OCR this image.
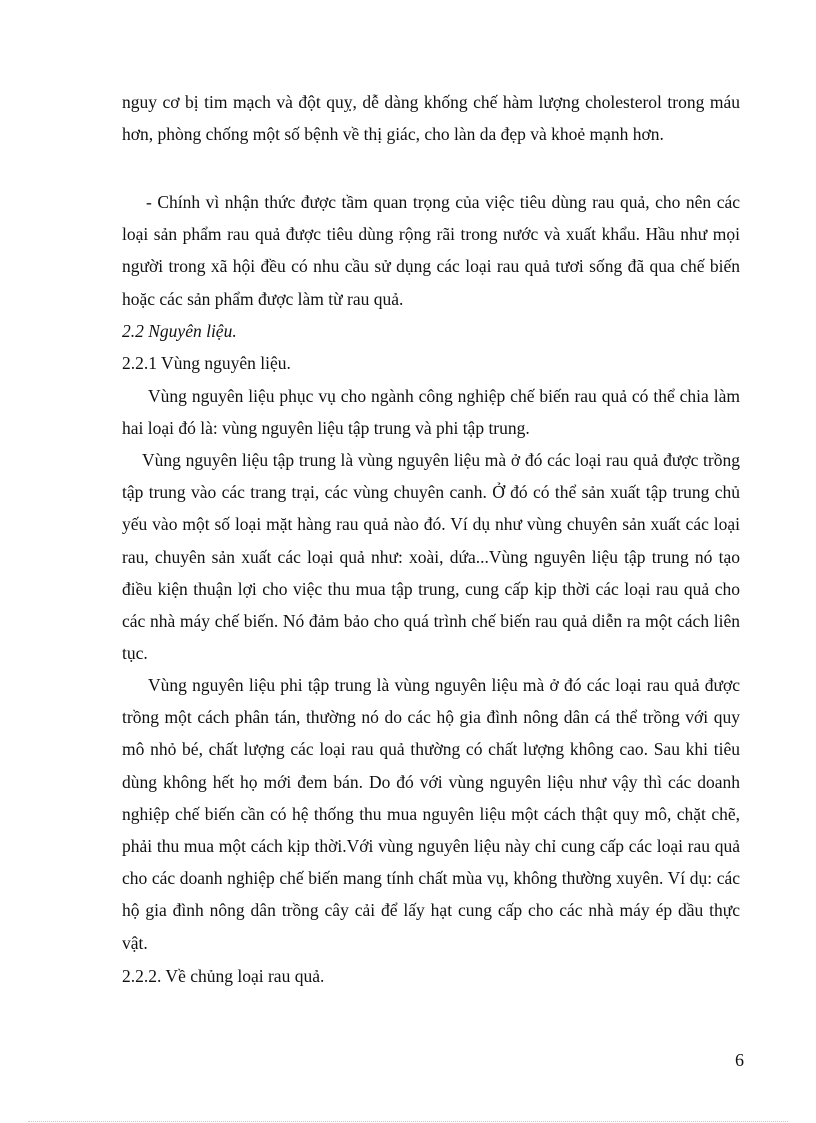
nguy cơ bị tim mạch và đột quỵ, dễ dàng khống chế hàm lượng cholesterol trong máu hơn, phòng chống một số bệnh về thị giác, cho làn da đẹp và khoẻ mạnh hơn.

- Chính vì nhận thức được tầm quan trọng của việc tiêu dùng rau quả, cho nên các loại sản phẩm rau quả được tiêu dùng rộng rãi trong nước và xuất khẩu. Hầu như mọi người trong xã hội đều có nhu cầu sử dụng các loại rau quả tươi sống đã qua chế biến hoặc các sản phẩm được làm từ rau quả.

2.2 Nguyên liệu.

2.2.1 Vùng nguyên liệu.

Vùng nguyên liệu phục vụ cho ngành công nghiệp chế biến rau quả có thể chia làm hai loại đó là: vùng nguyên liệu tập trung và phi tập trung.

Vùng nguyên liệu tập trung là vùng nguyên liệu mà ở đó các loại rau quả được trồng tập trung vào các trang trại, các vùng chuyên canh. Ở đó có thể sản xuất tập trung chủ yếu vào một số loại mặt hàng rau quả nào đó. Ví dụ như vùng chuyên sản xuất các loại rau, chuyên sản xuất các loại quả như: xoài, dứa...Vùng nguyên liệu tập trung nó tạo điều kiện thuận lợi cho việc thu mua tập trung, cung cấp kịp thời các loại rau quả cho các nhà máy chế biến. Nó đảm bảo cho quá trình chế biến rau quả diễn ra một cách liên tục.

Vùng nguyên liệu phi tập trung là vùng nguyên liệu mà ở đó các loại rau quả được trồng một cách phân tán, thường nó do các hộ gia đình nông dân cá thể trồng với quy mô nhỏ bé, chất lượng các loại rau quả thường có chất lượng không cao. Sau khi tiêu dùng không hết họ mới đem bán. Do đó với vùng nguyên liệu như vậy thì các doanh nghiệp chế biến cần có hệ thống thu mua nguyên liệu một cách thật quy mô, chặt chẽ, phải thu mua một cách kịp thời.Với vùng nguyên liệu này chỉ cung cấp các loại rau quả cho các doanh nghiệp chế biến mang tính chất mùa vụ, không thường xuyên. Ví dụ: các hộ gia đình nông dân trồng cây cải để lấy hạt cung cấp cho các nhà máy ép dầu thực vật.

2.2.2. Về chủng loại rau quả.

6
